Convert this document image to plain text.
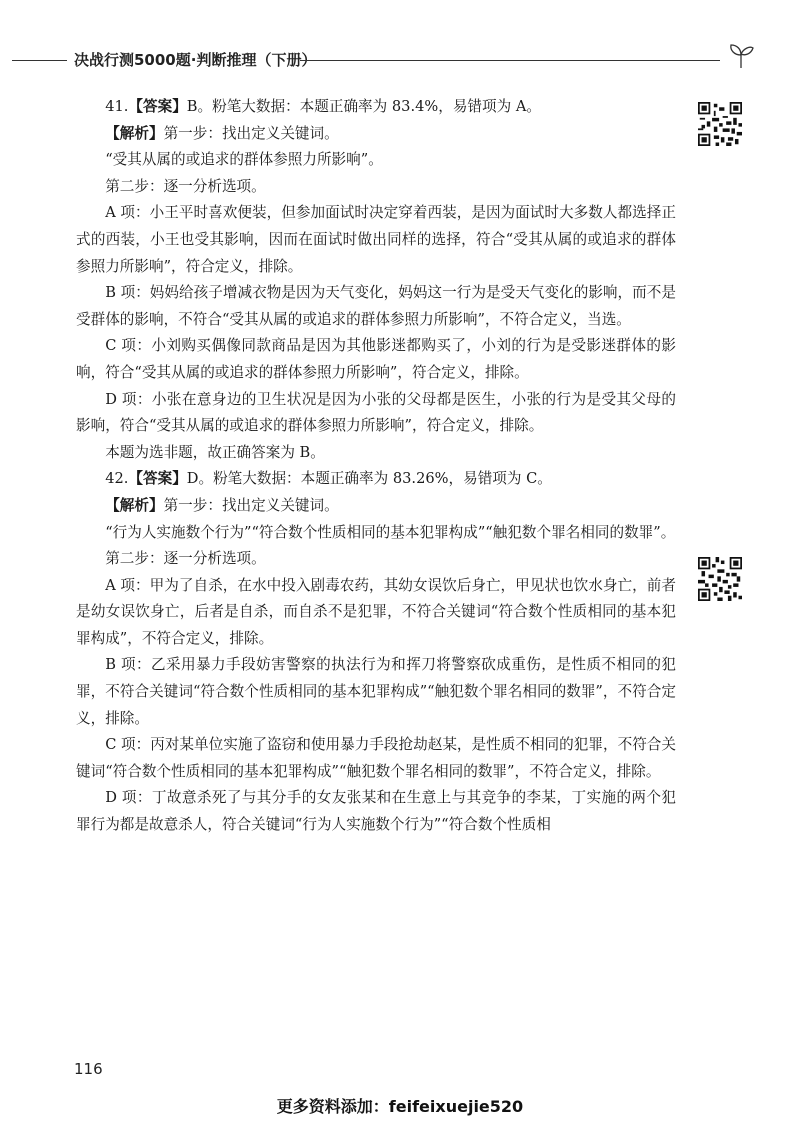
决战行测5000题·判断推理（下册）

41.【答案】B。粉笔大数据：本题正确率为 83.4%，易错项为 A。

【解析】第一步：找出定义关键词。

“受其从属的或追求的群体参照力所影响”。

第二步：逐一分析选项。

A 项：小王平时喜欢便装，但参加面试时决定穿着西装，是因为面试时大多数人都选择正式的西装，小王也受其影响，因而在面试时做出同样的选择，符合“受其从属的或追求的群体参照力所影响”，符合定义，排除。

B 项：妈妈给孩子增减衣物是因为天气变化，妈妈这一行为是受天气变化的影响，而不是受群体的影响，不符合“受其从属的或追求的群体参照力所影响”，不符合定义，当选。

C 项：小刘购买偶像同款商品是因为其他影迷都购买了，小刘的行为是受影迷群体的影响，符合“受其从属的或追求的群体参照力所影响”，符合定义，排除。

D 项：小张在意身边的卫生状况是因为小张的父母都是医生，小张的行为是受其父母的影响，符合“受其从属的或追求的群体参照力所影响”，符合定义，排除。

本题为选非题，故正确答案为 B。

42.【答案】D。粉笔大数据：本题正确率为 83.26%，易错项为 C。

【解析】第一步：找出定义关键词。

“行为人实施数个行为”“符合数个性质相同的基本犯罪构成”“触犯数个罪名相同的数罪”。

第二步：逐一分析选项。

A 项：甲为了自杀，在水中投入剧毒农药，其幼女误饮后身亡，甲见状也饮水身亡，前者是幼女误饮身亡，后者是自杀，而自杀不是犯罪，不符合关键词“符合数个性质相同的基本犯罪构成”，不符合定义，排除。

B 项：乙采用暴力手段妨害警察的执法行为和挥刀将警察砍成重伤，是性质不相同的犯罪，不符合关键词“符合数个性质相同的基本犯罪构成”“触犯数个罪名相同的数罪”，不符合定义，排除。

C 项：丙对某单位实施了盗窃和使用暴力手段抢劫赵某，是性质不相同的犯罪，不符合关键词“符合数个性质相同的基本犯罪构成”“触犯数个罪名相同的数罪”，不符合定义，排除。

D 项：丁故意杀死了与其分手的女友张某和在生意上与其竞争的李某，丁实施的两个犯罪行为都是故意杀人，符合关键词“行为人实施数个行为”“符合数个性质相

116
更多资料添加：feifeixuejie520
